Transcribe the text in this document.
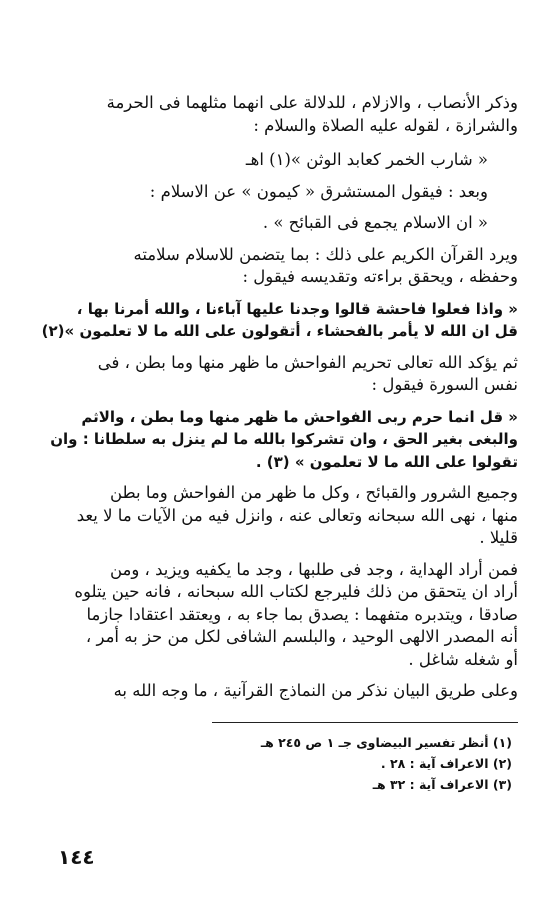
وذكر الأنصاب ، والازلام ، للدلالة على انهما مثلهما فى الحرمة
والشرازة ، لقوله عليه الصلاة والسلام :

« شارب الخمر كعابد الوثن »(١) اهـ

وبعد : فيقول المستشرق « كيمون » عن الاسلام :

« ان الاسلام يجمع فى القبائح » .

ويرد القرآن الكريم على ذلك : بما يتضمن للاسلام سلامته
وحفظه ، ويحقق براءته وتقديسه فيقول :

« واذا فعلوا فاحشة قالوا وجدنا عليها آباءنا ، والله أمرنا بها ،
قل ان الله لا يأمر بالفحشاء ، أتقولون على الله ما لا تعلمون »(٢)

ثم يؤكد الله تعالى تحريم الفواحش ما ظهر منها وما بطن ، فى
نفس السورة فيقول :

« قل انما حرم ربى الفواحش ما ظهر منها وما بطن ، والاثم
والبغى بغير الحق ، وان تشركوا بالله ما لم ينزل به سلطانا : وان
تقولوا على الله ما لا تعلمون » (٣) .

وجميع الشرور والقبائح ، وكل ما ظهر من الفواحش وما بطن
منها ، نهى الله سبحانه وتعالى عنه ، وانزل فيه من الآيات ما لا يعد
قليلا .

فمن أراد الهداية ، وجد فى طلبها ، وجد ما يكفيه ويزيد ، ومن
أراد ان يتحقق من ذلك فليرجع لكتاب الله سبحانه ، فانه حين يتلوه
صادقا ، ويتدبره متفهما : يصدق بما جاء به ، ويعتقد اعتقادا جازما
أنه المصدر الالهى الوحيد ، والبلسم الشافى لكل من حز به أمر ،
أو شغله شاغل .

وعلى طريق البيان نذكر من النماذج القرآنية ، ما وجه الله به

(١) أنظر تفسير البيضاوى جـ ١ ص ٢٤٥ هـ
(٢) الاعراف آية : ٢٨ .
(٣) الاعراف آية : ٣٢ هـ
١٤٤
